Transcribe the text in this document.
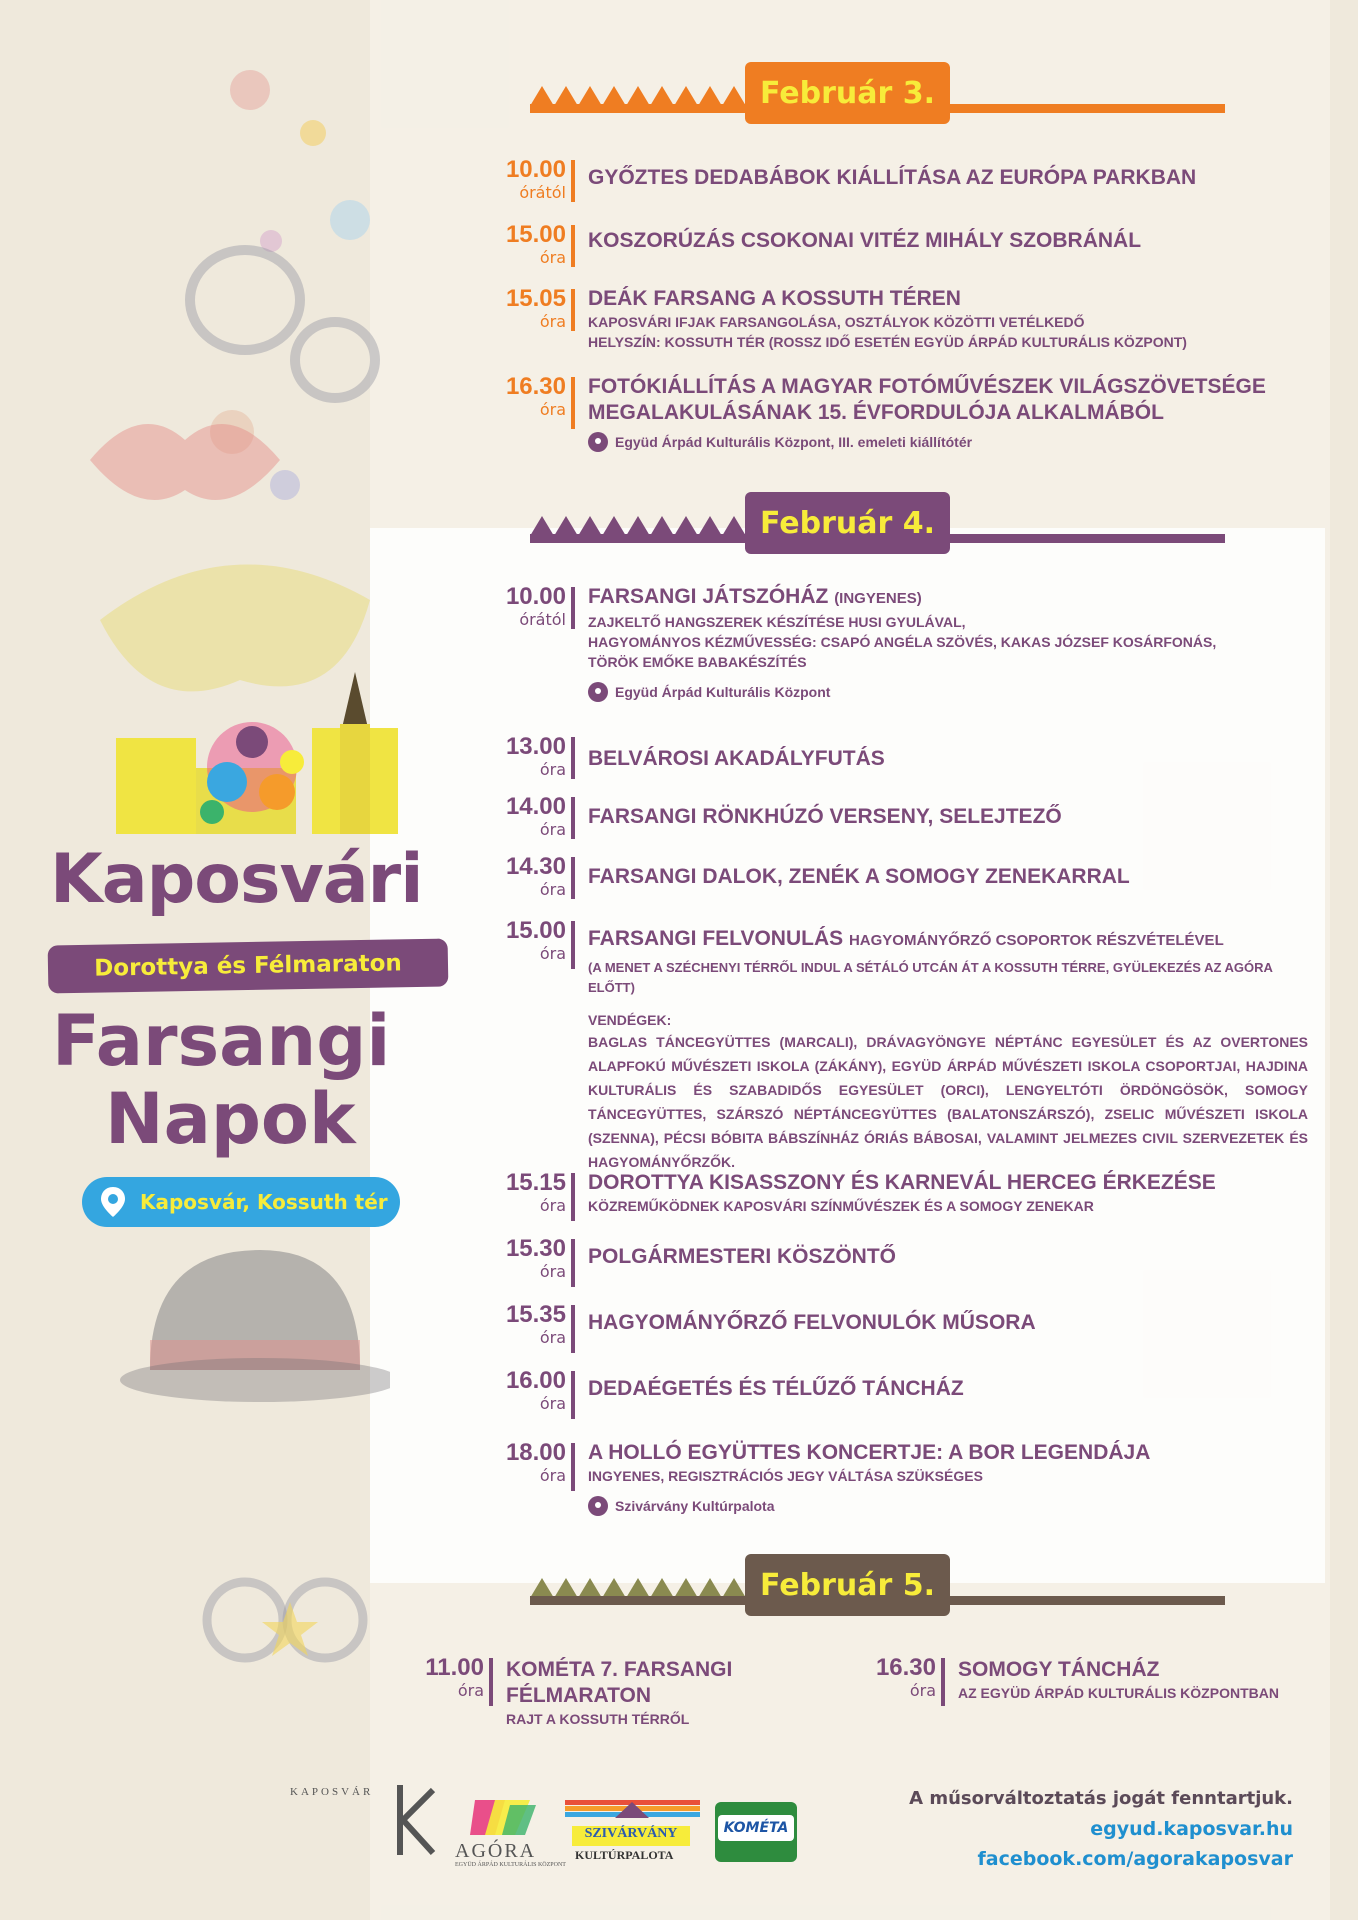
Kaposvári
Dorottya és Félmaraton
Farsangi
Napok
Kaposvár, Kossuth tér
Február 3.
10.00
órától
GYŐZTES DEDABÁBOK KIÁLLÍTÁSA AZ EURÓPA PARKBAN
15.00
óra
KOSZORÚZÁS CSOKONAI VITÉZ MIHÁLY SZOBRÁNÁL
15.05
óra
DEÁK FARSANG A KOSSUTH TÉREN
KAPOSVÁRI IFJAK FARSANGOLÁSA, OSZTÁLYOK KÖZÖTTI VETÉLKEDŐ
HELYSZÍN: KOSSUTH TÉR (ROSSZ IDŐ ESETÉN EGYÜD ÁRPÁD KULTURÁLIS KÖZPONT)
16.30
óra
FOTÓKIÁLLÍTÁS A MAGYAR FOTÓMŰVÉSZEK VILÁGSZÖVETSÉGE MEGALAKULÁSÁNAK 15. ÉVFORDULÓJA ALKALMÁBÓL
Együd Árpád Kulturális Központ, III. emeleti kiállítótér
Február 4.
10.00
órától
FARSANGI JÁTSZÓHÁZ (INGYENES)
ZAJKELTŐ HANGSZEREK KÉSZÍTÉSE HUSI GYULÁVAL,
HAGYOMÁNYOS KÉZMŰVESSÉG: CSAPÓ ANGÉLA SZÖVÉS, KAKAS JÓZSEF KOSÁRFONÁS,
TÖRÖK EMŐKE BABAKÉSZÍTÉS
Együd Árpád Kulturális Központ
13.00
óra BELVÁROSI AKADÁLYFUTÁS
14.00
óra
FARSANGI RÖNKHÚZÓ VERSENY, SELEJTEZŐ
14.30
óra
FARSANGI DALOK, ZENÉK A SOMOGY ZENEKARRAL
15.00
óra
FARSANGI FELVONULÁS HAGYOMÁNYŐRZŐ CSOPORTOK RÉSZVÉTELÉVEL
(A MENET A SZÉCHENYI TÉRRŐL INDUL A SÉTÁLÓ UTCÁN ÁT A KOSSUTH TÉRRE, GYÜLEKEZÉS AZ AGÓRA ELŐTT)
VENDÉGEK:
BAGLAS TÁNCEGYÜTTES (MARCALI), DRÁVAGYÖNGYE NÉPTÁNC EGYESÜLET ÉS AZ OVERTONES ALAPFOKÚ MŰVÉSZETI ISKOLA (ZÁKÁNY), EGYÜD ÁRPÁD MŰVÉSZETI ISKOLA CSOPORTJAI, HAJDINA KULTURÁLIS ÉS SZABADIDŐS EGYESÜLET (ORCI), LENGYELTÓTI ÖRDÖNGÖSÖK, SOMOGY TÁNCEGYÜTTES, SZÁRSZÓ NÉPTÁNCEGYÜTTES (BALATONSZÁRSZÓ), ZSELIC MŰVÉSZETI ISKOLA (SZENNA), PÉCSI BÓBITA BÁBSZÍNHÁZ ÓRIÁS BÁBOSAI, VALAMINT JELMEZES CIVIL SZERVEZETEK ÉS HAGYOMÁNYŐRZŐK.
15.15
óra
DOROTTYA KISASSZONY ÉS KARNEVÁL HERCEG ÉRKEZÉSE
KÖZREMŰKÖDNEK KAPOSVÁRI SZÍNMŰVÉSZEK ÉS A SOMOGY ZENEKAR
15.30
óra
POLGÁRMESTERI KÖSZÖNTŐ
15.35
óra
HAGYOMÁNYŐRZŐ FELVONULÓK MŰSORA
16.00
óra
DEDAÉGETÉS ÉS TÉLŰZŐ TÁNCHÁZ
18.00
óra
A HOLLÓ EGYÜTTES KONCERTJE: A BOR LEGENDÁJA
INGYENES, REGISZTRÁCIÓS JEGY VÁLTÁSA SZÜKSÉGES
Szivárvány Kultúrpalota
Február 5.
11.00
óra
KOMÉTA 7. FARSANGI FÉLMARATON
RAJT A KOSSUTH TÉRRŐL
16.30
óra
SOMOGY TÁNCHÁZ
AZ EGYÜD ÁRPÁD KULTURÁLIS KÖZPONTBAN
KAPOSVÁR
AGÓRA
EGYÜD ÁRPÁD KULTURÁLIS KÖZPONT
SZIVÁRVÁNY
KULTÚRPALOTA
KOMÉTA
A műsorváltoztatás jogát fenntartjuk.
egyud.kaposvar.hu
facebook.com/agorakaposvar
